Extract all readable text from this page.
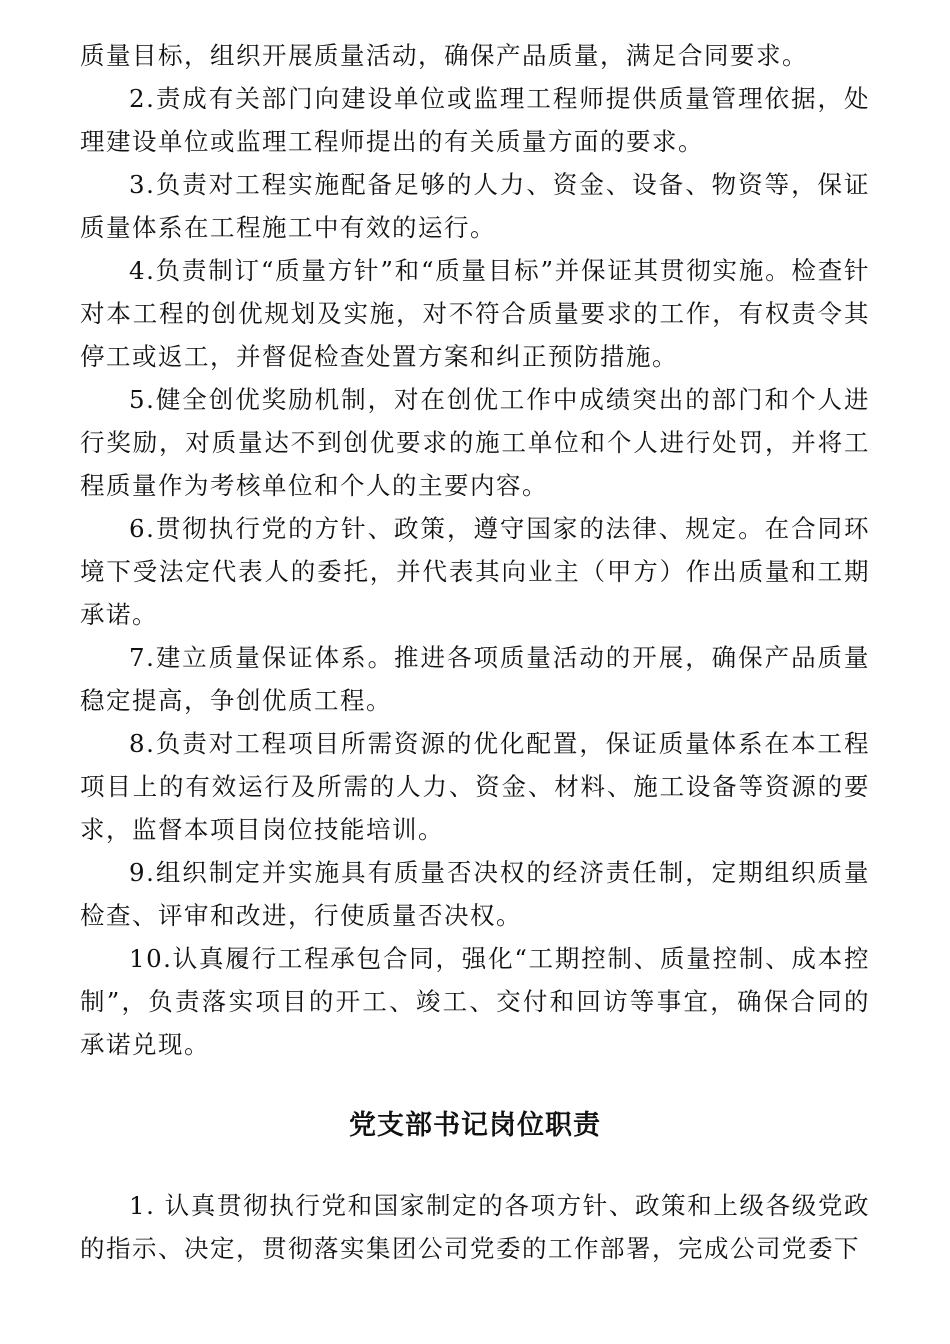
质量目标，组织开展质量活动，确保产品质量，满足合同要求。

2.责成有关部门向建设单位或监理工程师提供质量管理依据，处理建设单位或监理工程师提出的有关质量方面的要求。

3.负责对工程实施配备足够的人力、资金、设备、物资等，保证质量体系在工程施工中有效的运行。

4.负责制订“质量方针”和“质量目标”并保证其贯彻实施。检查针对本工程的创优规划及实施，对不符合质量要求的工作，有权责令其停工或返工，并督促检查处置方案和纠正预防措施。

5.健全创优奖励机制，对在创优工作中成绩突出的部门和个人进行奖励，对质量达不到创优要求的施工单位和个人进行处罚，并将工程质量作为考核单位和个人的主要内容。

6.贯彻执行党的方针、政策，遵守国家的法律、规定。在合同环境下受法定代表人的委托，并代表其向业主（甲方）作出质量和工期承诺。

7.建立质量保证体系。推进各项质量活动的开展，确保产品质量稳定提高，争创优质工程。

8.负责对工程项目所需资源的优化配置，保证质量体系在本工程项目上的有效运行及所需的人力、资金、材料、施工设备等资源的要求，监督本项目岗位技能培训。

9.组织制定并实施具有质量否决权的经济责任制，定期组织质量检查、评审和改进，行使质量否决权。

10.认真履行工程承包合同，强化“工期控制、质量控制、成本控制”，负责落实项目的开工、竣工、交付和回访等事宜，确保合同的承诺兑现。

党支部书记岗位职责

1. 认真贯彻执行党和国家制定的各项方针、政策和上级各级党政的指示、决定，贯彻落实集团公司党委的工作部署，完成公司党委下
